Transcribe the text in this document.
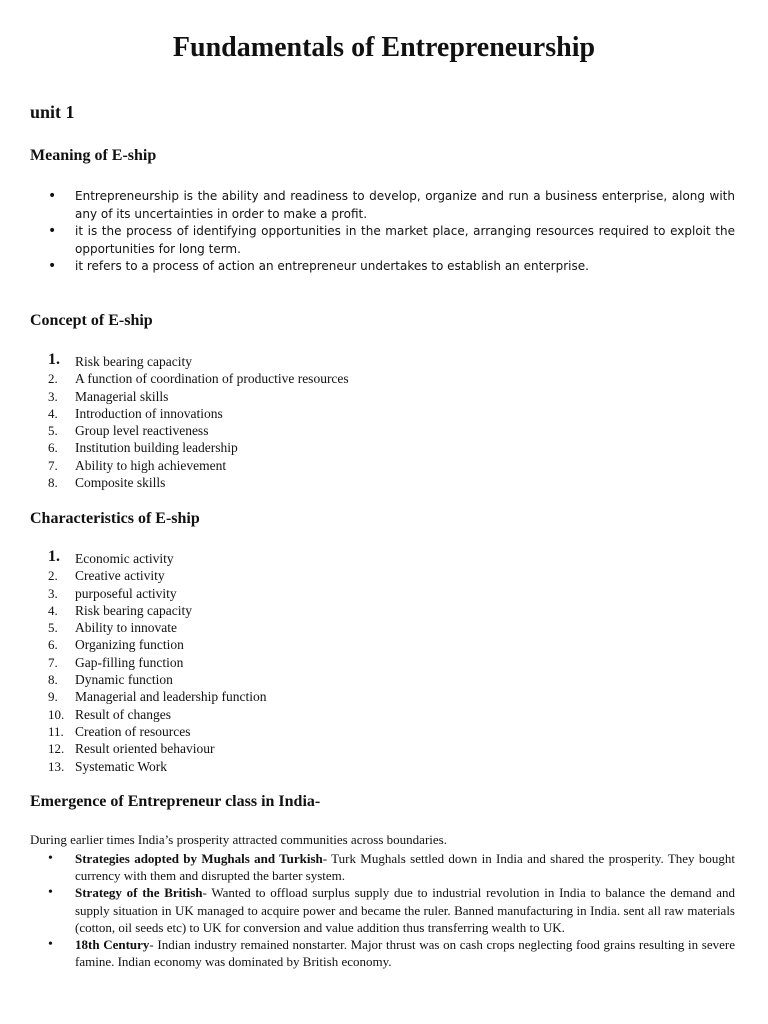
Fundamentals of Entrepreneurship
unit 1
Meaning of E-ship
• Entrepreneurship is the ability and readiness to develop, organize and run a business enterprise, along with any of its uncertainties in order to make a profit.
• it is the process of identifying opportunities in the market place, arranging resources required to exploit the opportunities for long term.
• it refers to a process of action an entrepreneur undertakes to establish an enterprise.
Concept of E-ship
1. Risk bearing capacity
2. A function of coordination of productive resources
3. Managerial skills
4. Introduction of innovations
5. Group level reactiveness
6. Institution building leadership
7. Ability to high achievement
8. Composite skills
Characteristics of E-ship
1. Economic activity
2. Creative activity
3. purposeful activity
4. Risk bearing capacity
5. Ability to innovate
6. Organizing function
7. Gap-filling function
8. Dynamic function
9. Managerial and leadership function
10. Result of changes
11. Creation of resources
12. Result oriented behaviour
13. Systematic Work
Emergence of Entrepreneur class in India-

During earlier times India’s prosperity attracted communities across boundaries.

• Strategies adopted by Mughals and Turkish- Turk Mughals settled down in India and shared the prosperity. They bought currency with them and disrupted the barter system.
• Strategy of the British- Wanted to offload surplus supply due to industrial revolution in India to balance the demand and supply situation in UK managed to acquire power and became the ruler. Banned manufacturing in India. sent all raw materials (cotton, oil seeds etc) to UK for conversion and value addition thus transferring wealth to UK.
• 18th Century- Indian industry remained nonstarter. Major thrust was on cash crops neglecting food grains resulting in severe famine. Indian economy was dominated by British economy.
